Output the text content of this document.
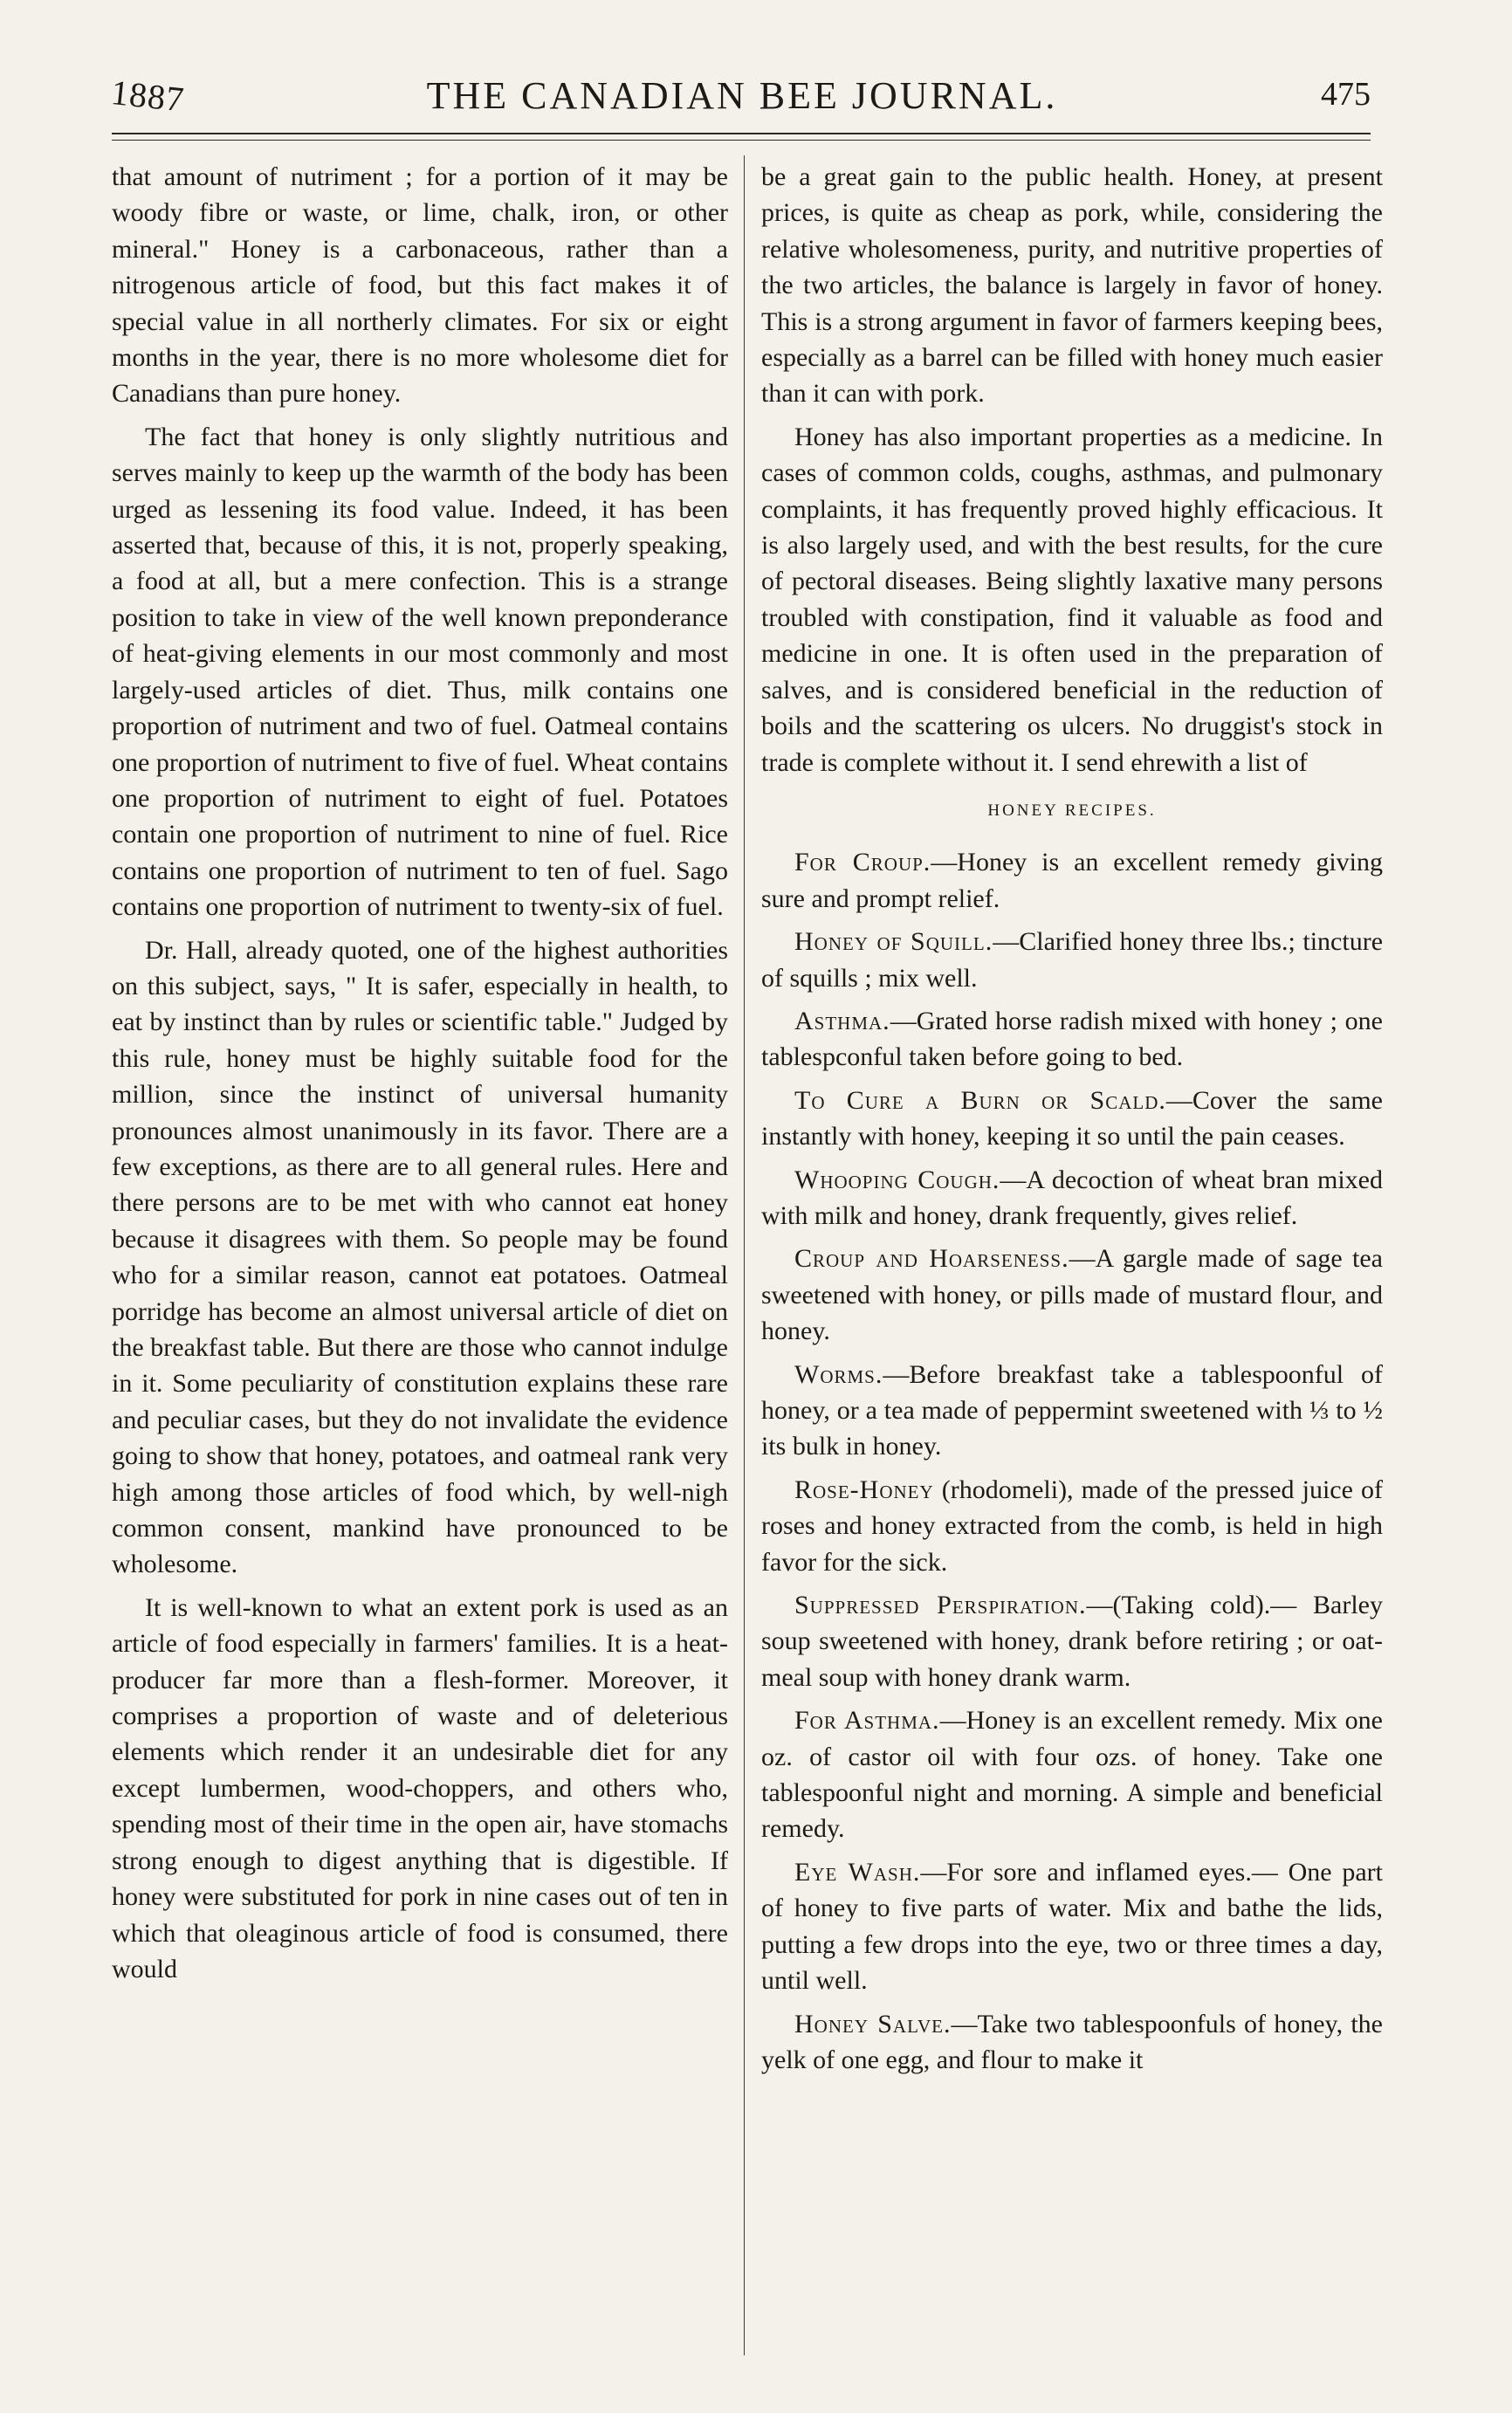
1887	THE CANADIAN BEE JOURNAL.	475

that amount of nutriment ; for a portion of it may be woody fibre or waste, or lime, chalk, iron, or other mineral." Honey is a carbonaceous, rather than a nitrogenous article of food, but this fact makes it of special value in all northerly climates. For six or eight months in the year, there is no more wholesome diet for Canadians than pure honey.

The fact that honey is only slightly nutritious and serves mainly to keep up the warmth of the body has been urged as lessening its food value. Indeed, it has been asserted that, because of this, it is not, properly speaking, a food at all, but a mere confection. This is a strange position to take in view of the well known preponderance of heat-giving elements in our most commonly and most largely-used articles of diet. Thus, milk contains one proportion of nutriment and two of fuel. Oatmeal contains one proportion of nutriment to five of fuel. Wheat contains one proportion of nutriment to eight of fuel. Potatoes contain one proportion of nutriment to nine of fuel. Rice contains one proportion of nutriment to ten of fuel. Sago contains one proportion of nutriment to twenty-six of fuel.

Dr. Hall, already quoted, one of the highest authorities on this subject, says, " It is safer, especially in health, to eat by instinct than by rules or scientific table." Judged by this rule, honey must be highly suitable food for the million, since the instinct of universal humanity pronounces almost unanimously in its favor. There are a few exceptions, as there are to all general rules. Here and there persons are to be met with who cannot eat honey because it disagrees with them. So people may be found who for a similar reason, cannot eat potatoes. Oatmeal porridge has become an almost universal article of diet on the breakfast table. But there are those who cannot indulge in it. Some peculiarity of constitution explains these rare and peculiar cases, but they do not invalidate the evidence going to show that honey, potatoes, and oatmeal rank very high among those articles of food which, by well-nigh common consent, mankind have pronounced to be wholesome.

It is well-known to what an extent pork is used as an article of food especially in farmers' families. It is a heat-producer far more than a flesh-former. Moreover, it comprises a proportion of waste and of deleterious elements which render it an undesirable diet for any except lumbermen, wood-choppers, and others who, spending most of their time in the open air, have stomachs strong enough to digest anything that is digestible. If honey were substituted for pork in nine cases out of ten in which that oleaginous article of food is consumed, there would

be a great gain to the public health. Honey, at present prices, is quite as cheap as pork, while, considering the relative wholesomeness, purity, and nutritive properties of the two articles, the balance is largely in favor of honey. This is a strong argument in favor of farmers keeping bees, especially as a barrel can be filled with honey much easier than it can with pork.

Honey has also important properties as a medicine. In cases of common colds, coughs, asthmas, and pulmonary complaints, it has frequently proved highly efficacious. It is also largely used, and with the best results, for the cure of pectoral diseases. Being slightly laxative many persons troubled with constipation, find it valuable as food and medicine in one. It is often used in the preparation of salves, and is considered beneficial in the reduction of boils and the scattering os ulcers. No druggist's stock in trade is complete without it. I send ehrewith a list of

HONEY RECIPES.

For Croup.—Honey is an excellent remedy giving sure and prompt relief.

Honey of Squill.—Clarified honey three lbs.; tincture of squills ; mix well.

Asthma.—Grated horse radish mixed with honey ; one tablespconful taken before going to bed.

To Cure a Burn or Scald.—Cover the same instantly with honey, keeping it so until the pain ceases.

Whooping Cough.—A decoction of wheat bran mixed with milk and honey, drank frequently, gives relief.

Croup and Hoarseness.—A gargle made of sage tea sweetened with honey, or pills made of mustard flour, and honey.

Worms.—Before breakfast take a tablespoonful of honey, or a tea made of peppermint sweetened with ⅓ to ½ its bulk in honey.

Rose-Honey (rhodomeli), made of the pressed juice of roses and honey extracted from the comb, is held in high favor for the sick.

Suppressed Perspiration.—(Taking cold).— Barley soup sweetened with honey, drank before retiring ; or oat-meal soup with honey drank warm.

For Asthma.—Honey is an excellent remedy. Mix one oz. of castor oil with four ozs. of honey. Take one tablespoonful night and morning. A simple and beneficial remedy.

Eye Wash.—For sore and inflamed eyes.— One part of honey to five parts of water. Mix and bathe the lids, putting a few drops into the eye, two or three times a day, until well.

Honey Salve.—Take two tablespoonfuls of honey, the yelk of one egg, and flour to make it
